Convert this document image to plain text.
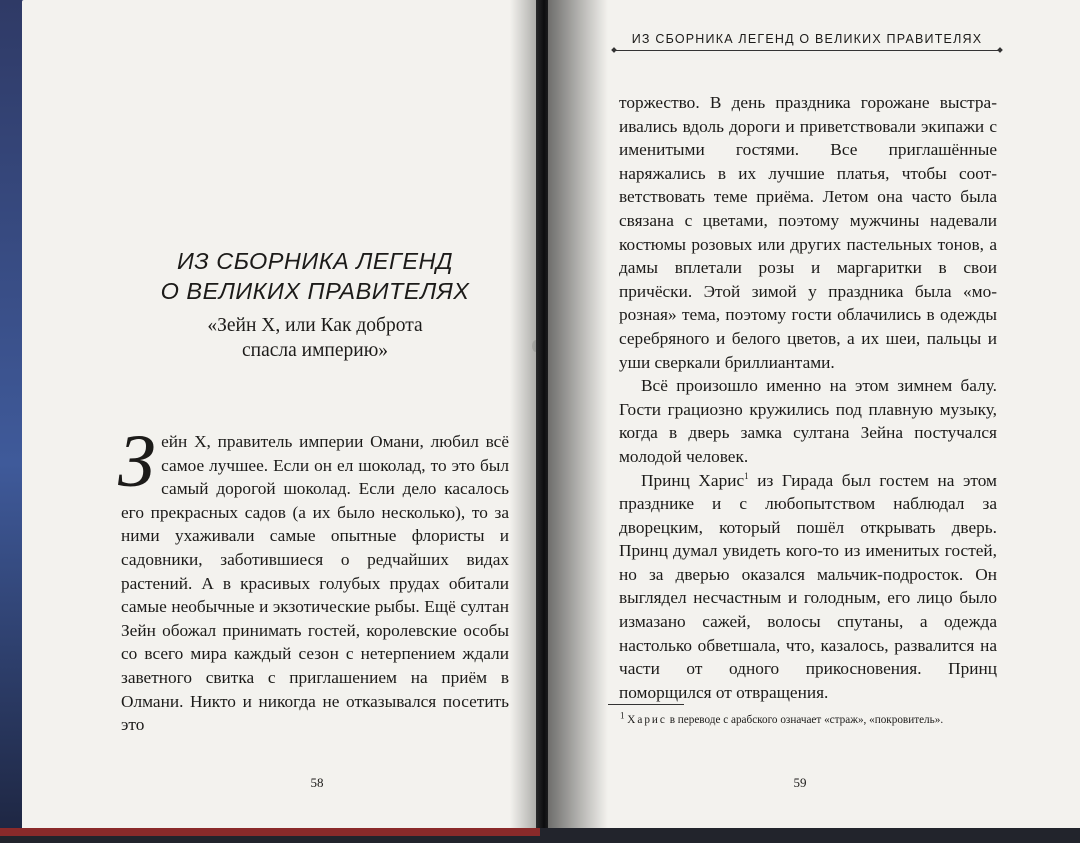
ИЗ СБОРНИКА ЛЕГЕНД
О ВЕЛИКИХ ПРАВИТЕЛЯХ
«Зейн Х, или Как доброта
спасла империю»
Зейн Х, правитель империи Омани, любил всё самое лучшее. Если он ел шоколад, то это был самый дорогой шоколад. Если дело касалось его прекрасных садов (а их было несколько), то за ними ухаживали самые опытные флористы и садовники, заботившиеся о редчайших видах растений. А в красивых голубых прудах обитали самые необычные и экзотические рыбы. Ещё султан Зейн обожал принимать гостей, королевские особы со всего мира каждый сезон с нетерпением ждали заветного свитка с приглашением на приём в Олмани. Никто и никогда не отказывался посетить это
58
ИЗ СБОРНИКА ЛЕГЕНД О ВЕЛИКИХ ПРАВИТЕЛЯХ

торжество. В день праздника горожане выстраивались вдоль дороги и приветствовали экипажи с именитыми гостями. Все приглашённые наряжались в их лучшие платья, чтобы соответствовать теме приёма. Летом она часто была связана с цветами, поэтому мужчины надевали костюмы розовых или других пастельных тонов, а дамы вплетали розы и маргаритки в свои причёски. Этой зимой у праздника была «морозная» тема, поэтому гости облачились в одежды серебряного и белого цветов, а их шеи, пальцы и уши сверкали бриллиантами.

Всё произошло именно на этом зимнем балу. Гости грациозно кружились под плавную музыку, когда в дверь замка султана Зейна постучался молодой человек.

Принц Харис$^1$ из Гирада был гостем на этом празднике и с любопытством наблюдал за дворецким, который пошёл открывать дверь. Принц думал увидеть кого-то из именитых гостей, но за дверью оказался мальчик-подросток. Он выглядел несчастным и голодным, его лицо было измазано сажей, волосы спутаны, а одежда настолько обветшала, что, казалось, развалится на части от одного прикосновения. Принц поморщился от отвращения.

$^1$ Харис в переводе с арабского означает «страж», «покровитель».
59
